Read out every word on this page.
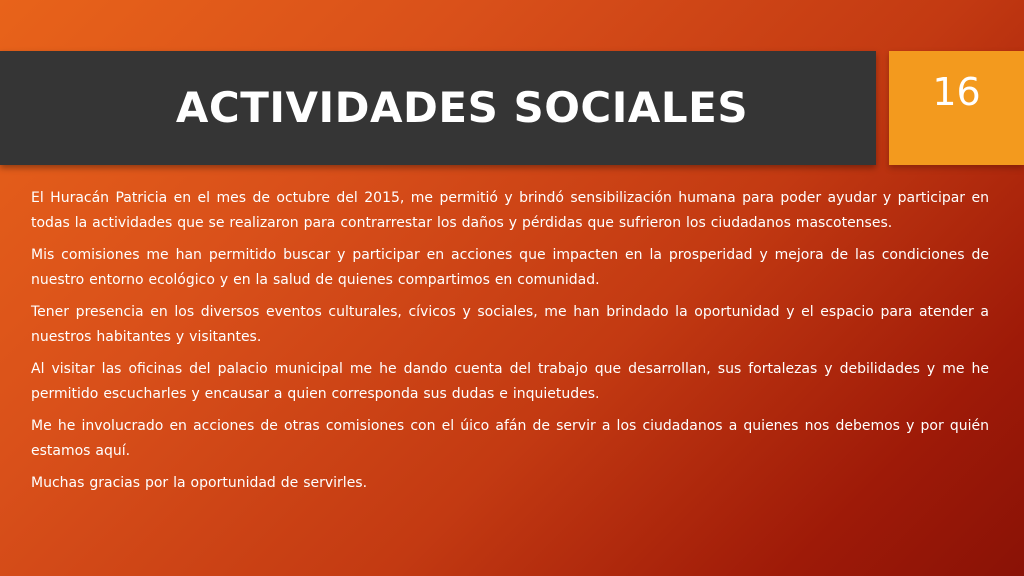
ACTIVIDADES SOCIALES	16

El Huracán Patricia en el mes de octubre del 2015, me permitió y brindó sensibilización humana para poder ayudar y participar en todas la actividades que se realizaron para contrarrestar los daños y pérdidas que sufrieron los ciudadanos mascotenses.

Mis comisiones me han permitido buscar y participar en acciones que impacten en la prosperidad y mejora de las condiciones de nuestro entorno ecológico y en la salud de quienes compartimos en comunidad.

Tener presencia en los diversos eventos culturales, cívicos y sociales, me han brindado la oportunidad y el espacio para atender a nuestros habitantes y visitantes.

Al visitar las oficinas del palacio municipal me he dando cuenta del trabajo que desarrollan, sus fortalezas y debilidades y me he permitido escucharles y encausar a quien corresponda sus dudas e inquietudes.

Me he involucrado en acciones de otras comisiones con el úico afán de servir a los ciudadanos a quienes nos debemos y por quién estamos aquí.

Muchas gracias por la oportunidad de servirles.
